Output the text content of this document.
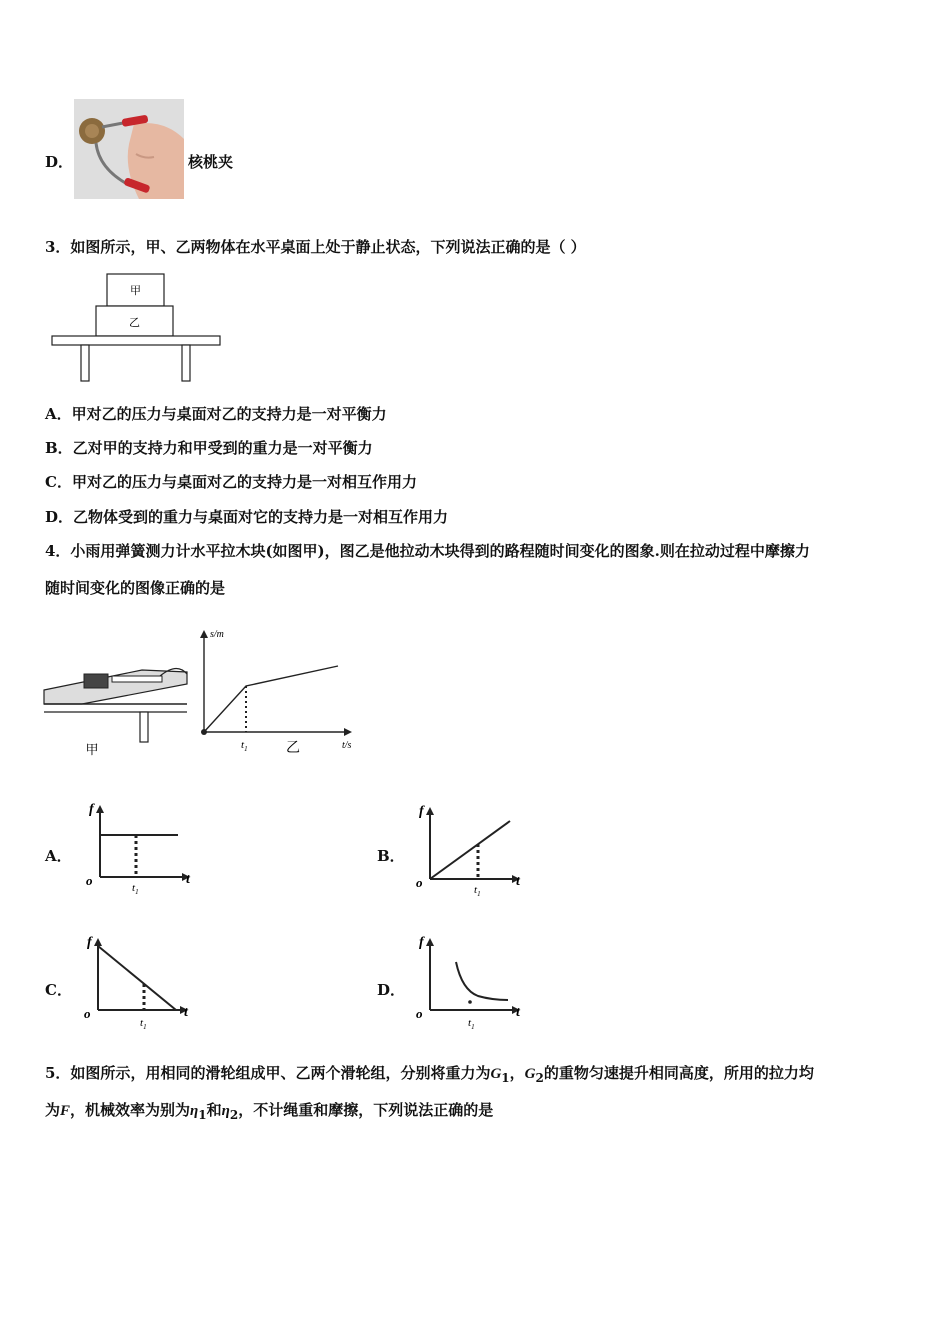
D．	核桃夹
3．如图所示，甲、乙两物体在水平桌面上处于静止状态，下列说法正确的是（ ）
甲
乙
A．甲对乙的压力与桌面对乙的支持力是一对平衡力
B．乙对甲的支持力和甲受到的重力是一对平衡力
C．甲对乙的压力与桌面对乙的支持力是一对相互作用力
D．乙物体受到的重力与桌面对它的支持力是一对相互作用力
4．小雨用弹簧测力计水平拉木块(如图甲)，图乙是他拉动木块得到的路程随时间变化的图象.则在拉动过程中摩擦力
随时间变化的图像正确的是
甲
s/m
t/s
$t_1$	乙
A．
f
t
o	$t_1$
B．
f
t
o	$t_1$
C．
f
t
o
$t_1$
D．
f
t
o
$t_1$
5．如图所示，用相同的滑轮组成甲、乙两个滑轮组，分别将重力为$G_1$，$G_2$的重物匀速提升相同高度，所用的拉力均
为F，机械效率为别为$\eta_1$和$\eta_2$，不计绳重和摩擦，下列说法正确的是
